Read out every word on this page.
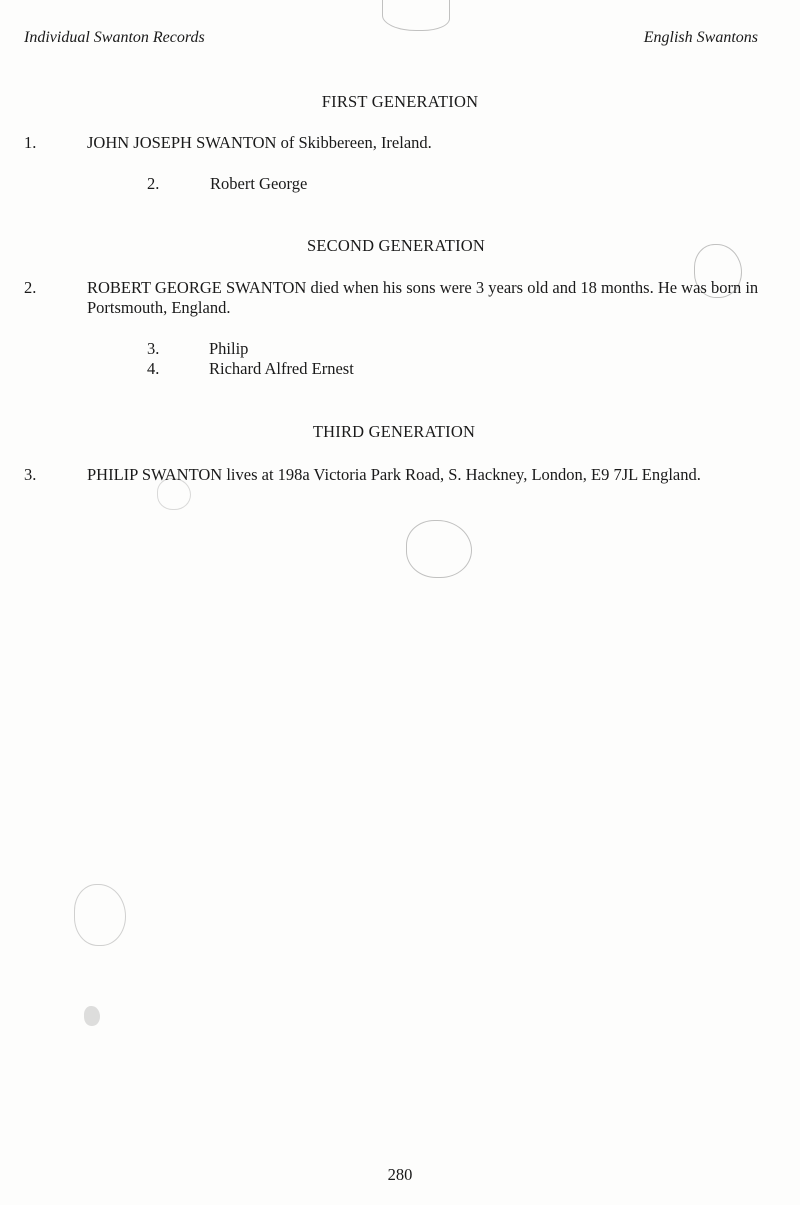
Individual Swanton Records	English Swantons
FIRST GENERATION
1.	JOHN JOSEPH SWANTON of Skibbereen, Ireland.
2.	Robert George
SECOND GENERATION
2.	ROBERT GEORGE SWANTON died when his sons were 3 years old and 18 months. He was born in Portsmouth, England.
3.	Philip
4.	Richard Alfred Ernest
THIRD GENERATION
3.	PHILIP SWANTON lives at 198a Victoria Park Road, S. Hackney, London, E9 7JL England.
280
